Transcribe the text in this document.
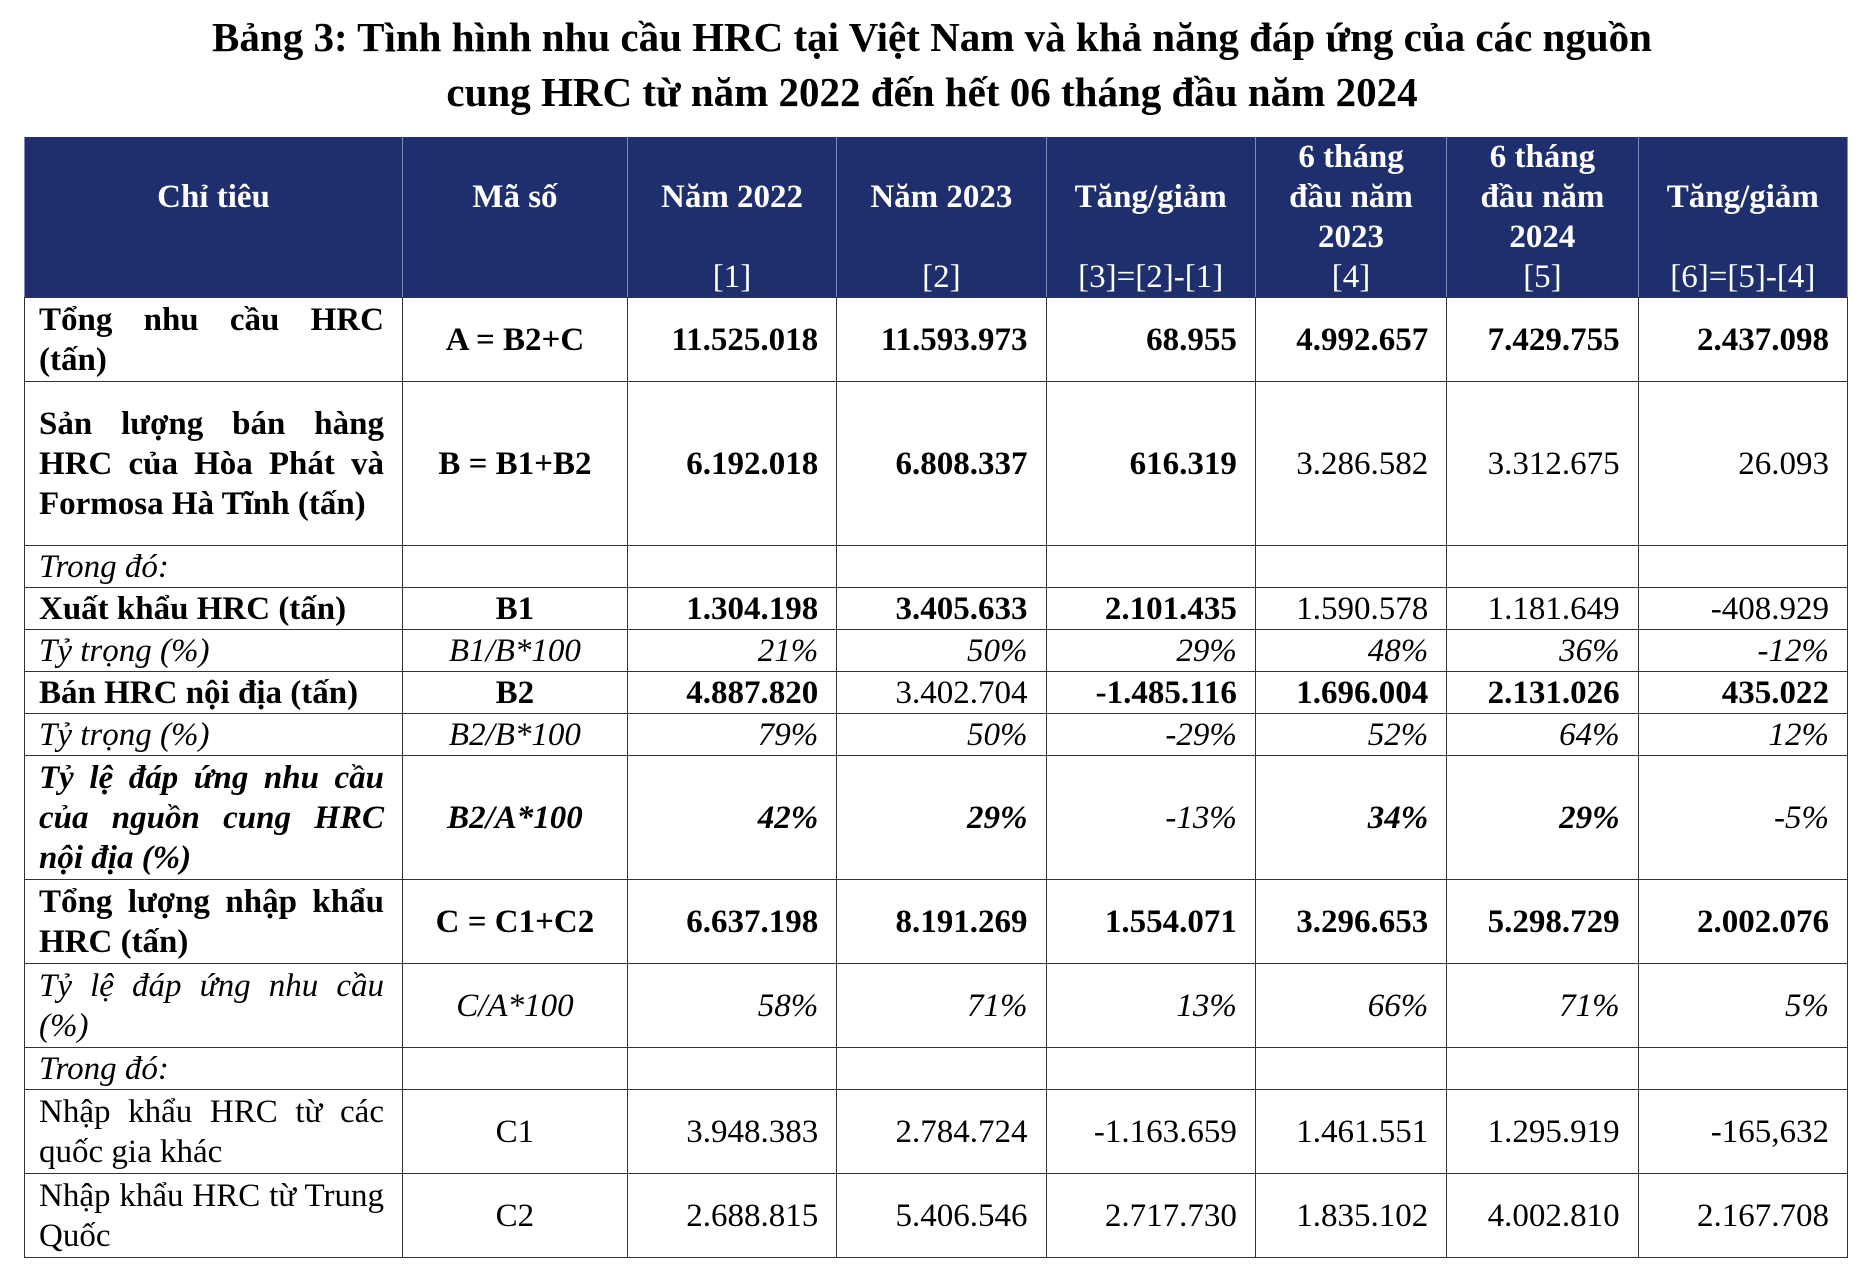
Bảng 3: Tình hình nhu cầu HRC tại Việt Nam và khả năng đáp ứng của các nguồn
cung HRC từ năm 2022 đến hết 06 tháng đầu năm 2024
Chỉ tiêu	Mã số	Năm 2022	Năm 2023	Tăng/giảm	6 tháng đầu năm 2023	6 tháng đầu năm 2024	Tăng/giảm
		[1]	[2]	[3]=[2]-[1]	[4]	[5]	[6]=[5]-[4]
Tổng nhu cầu HRC (tấn)	A = B2+C	11.525.018	11.593.973	68.955	4.992.657	7.429.755	2.437.098
Sản lượng bán hàng HRC của Hòa Phát và Formosa Hà Tĩnh (tấn)	B = B1+B2	6.192.018	6.808.337	616.319	3.286.582	3.312.675	26.093
Trong đó:							
Xuất khẩu HRC (tấn)	B1	1.304.198	3.405.633	2.101.435	1.590.578	1.181.649	-408.929
Tỷ trọng (%)	B1/B*100	21%	50%	29%	48%	36%	-12%
Bán HRC nội địa (tấn)	B2	4.887.820	3.402.704	-1.485.116	1.696.004	2.131.026	435.022
Tỷ trọng (%)	B2/B*100	79%	50%	-29%	52%	64%	12%
Tỷ lệ đáp ứng nhu cầu của nguồn cung HRC nội địa (%)	B2/A*100	42%	29%	-13%	34%	29%	-5%
Tổng lượng nhập khẩu HRC (tấn)	C = C1+C2	6.637.198	8.191.269	1.554.071	3.296.653	5.298.729	2.002.076
Tỷ lệ đáp ứng nhu cầu (%)	C/A*100	58%	71%	13%	66%	71%	5%
Trong đó:							
Nhập khẩu HRC từ các quốc gia khác	C1	3.948.383	2.784.724	-1.163.659	1.461.551	1.295.919	-165,632
Nhập khẩu HRC từ Trung Quốc	C2	2.688.815	5.406.546	2.717.730	1.835.102	4.002.810	2.167.708
